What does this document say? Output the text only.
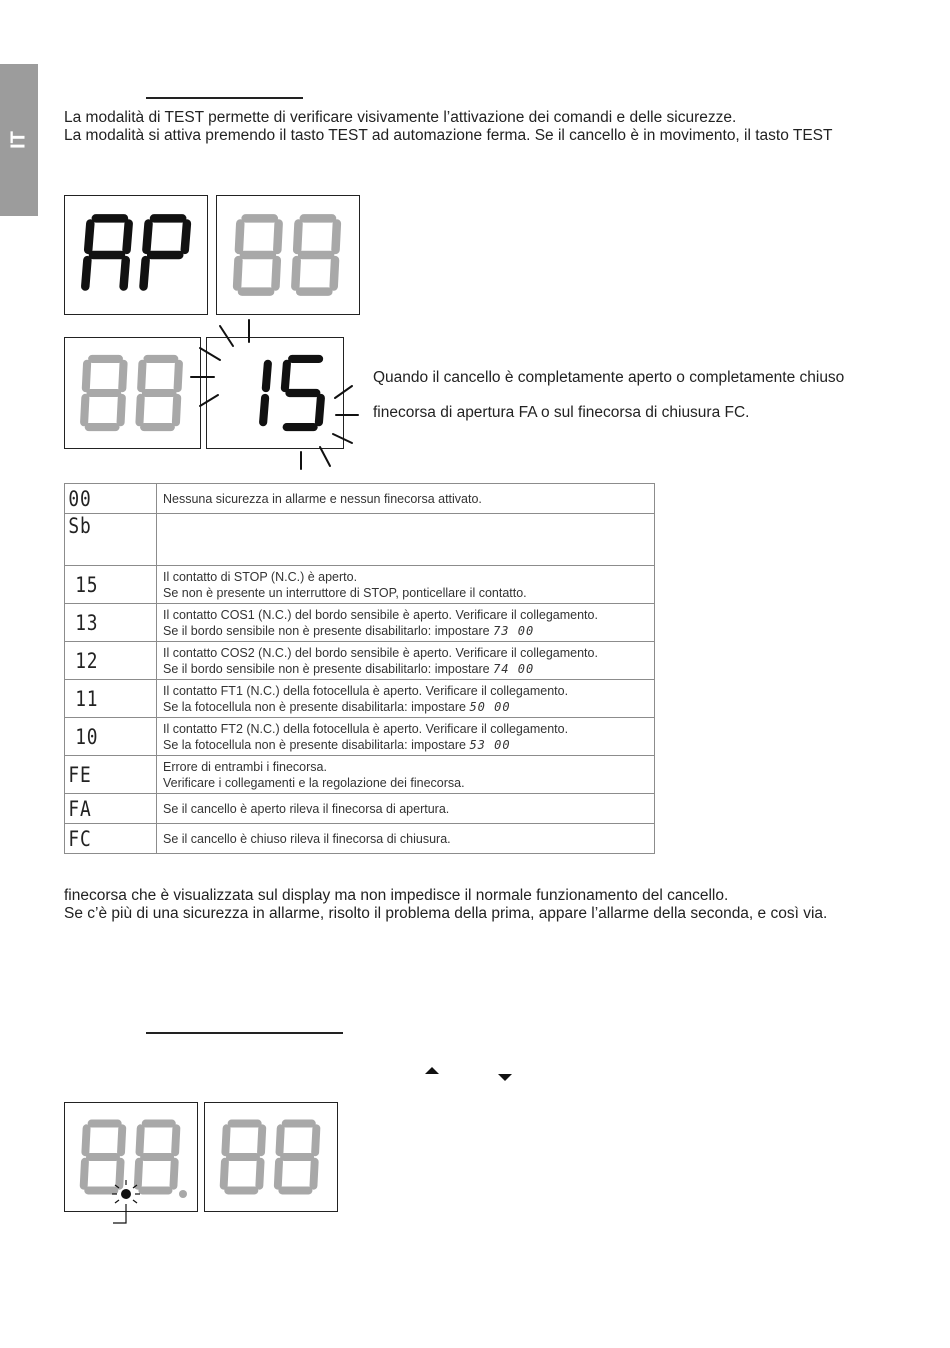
IT
La modalità di TEST permette di verificare visivamente l’attivazione dei comandi e delle sicurezze.
La modalità si attiva premendo il tasto TEST ad automazione ferma. Se il cancello è in movimento, il tasto TEST
Quando il cancello è completamente aperto o completamente chiuso
finecorsa di apertura FA o sul finecorsa di chiusura FC.
00	Nessuna sicurezza in allarme e nessun finecorsa attivato.

Sb	

15	Il contatto di STOP (N.C.) è aperto.
Se non è presente un interruttore di STOP, ponticellare il contatto.

13	Il contatto COS1 (N.C.) del bordo sensibile è aperto. Verificare il collegamento.
Se il bordo sensibile non è presente disabilitarlo: impostare 73 00

12	Il contatto COS2 (N.C.) del bordo sensibile è aperto. Verificare il collegamento.
Se il bordo sensibile non è presente disabilitarlo: impostare 74 00

11	Il contatto FT1 (N.C.) della fotocellula è aperto. Verificare il collegamento.
Se la fotocellula non è presente disabilitarla: impostare 50 00

10	Il contatto FT2 (N.C.) della fotocellula è aperto. Verificare il collegamento.
Se la fotocellula non è presente disabilitarla: impostare 53 00

FE	Errore di entrambi i finecorsa.
Verificare i collegamenti e la regolazione dei finecorsa.

FA	Se il cancello è aperto rileva il finecorsa di apertura.

FC	Se il cancello è chiuso rileva il finecorsa di chiusura.
finecorsa che è visualizzata sul display ma non impedisce il normale funzionamento del cancello.
Se c’è più di una sicurezza in allarme, risolto il problema della prima, appare l’allarme della seconda, e così via.
